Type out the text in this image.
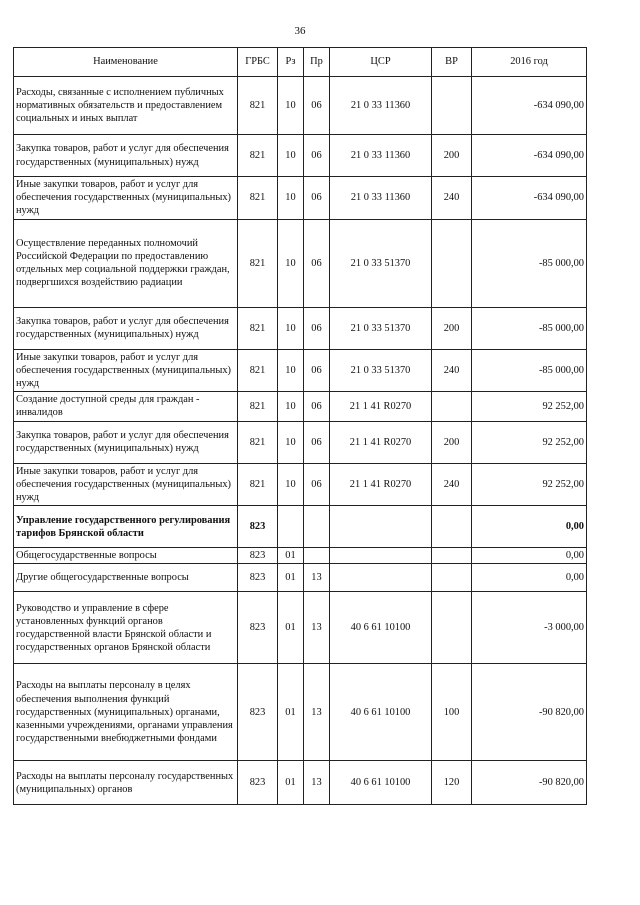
36
Наименование	ГРБС	Рз	Пр	ЦСР	ВР	2016 год
Расходы, связанные с исполнением публичных нормативных обязательств и предоставлением социальных и иных выплат	821	10	06	21 0 33 11360		-634 090,00
Закупка товаров, работ и услуг для обеспечения государственных (муниципальных) нужд	821	10	06	21 0 33 11360	200	-634 090,00
Иные закупки товаров, работ и услуг для обеспечения государственных (муниципальных) нужд	821	10	06	21 0 33 11360	240	-634 090,00
Осуществление переданных полномочий Российской Федерации по предоставлению отдельных мер социальной поддержки граждан, подвергшихся воздействию радиации	821	10	06	21 0 33 51370		-85 000,00
Закупка товаров, работ и услуг для обеспечения государственных (муниципальных) нужд	821	10	06	21 0 33 51370	200	-85 000,00
Иные закупки товаров, работ и услуг для обеспечения государственных (муниципальных) нужд	821	10	06	21 0 33 51370	240	-85 000,00
Создание доступной среды для граждан - инвалидов	821	10	06	21 1 41 R0270		92 252,00
Закупка товаров, работ и услуг для обеспечения государственных (муниципальных) нужд	821	10	06	21 1 41 R0270	200	92 252,00
Иные закупки товаров, работ и услуг для обеспечения государственных (муниципальных) нужд	821	10	06	21 1 41 R0270	240	92 252,00
Управление государственного регулирования тарифов Брянской области	823					0,00
Общегосударственные вопросы	823	01				0,00
Другие общегосударственные вопросы	823	01	13			0,00
Руководство и управление в сфере установленных функций органов государственной власти Брянской области и государственных органов Брянской области	823	01	13	40 6 61 10100		-3 000,00
Расходы на выплаты персоналу в целях обеспечения выполнения функций государственных (муниципальных) органами, казенными учреждениями, органами управления государственными внебюджетными фондами	823	01	13	40 6 61 10100	100	-90 820,00
Расходы на выплаты персоналу государственных (муниципальных) органов	823	01	13	40 6 61 10100	120	-90 820,00
